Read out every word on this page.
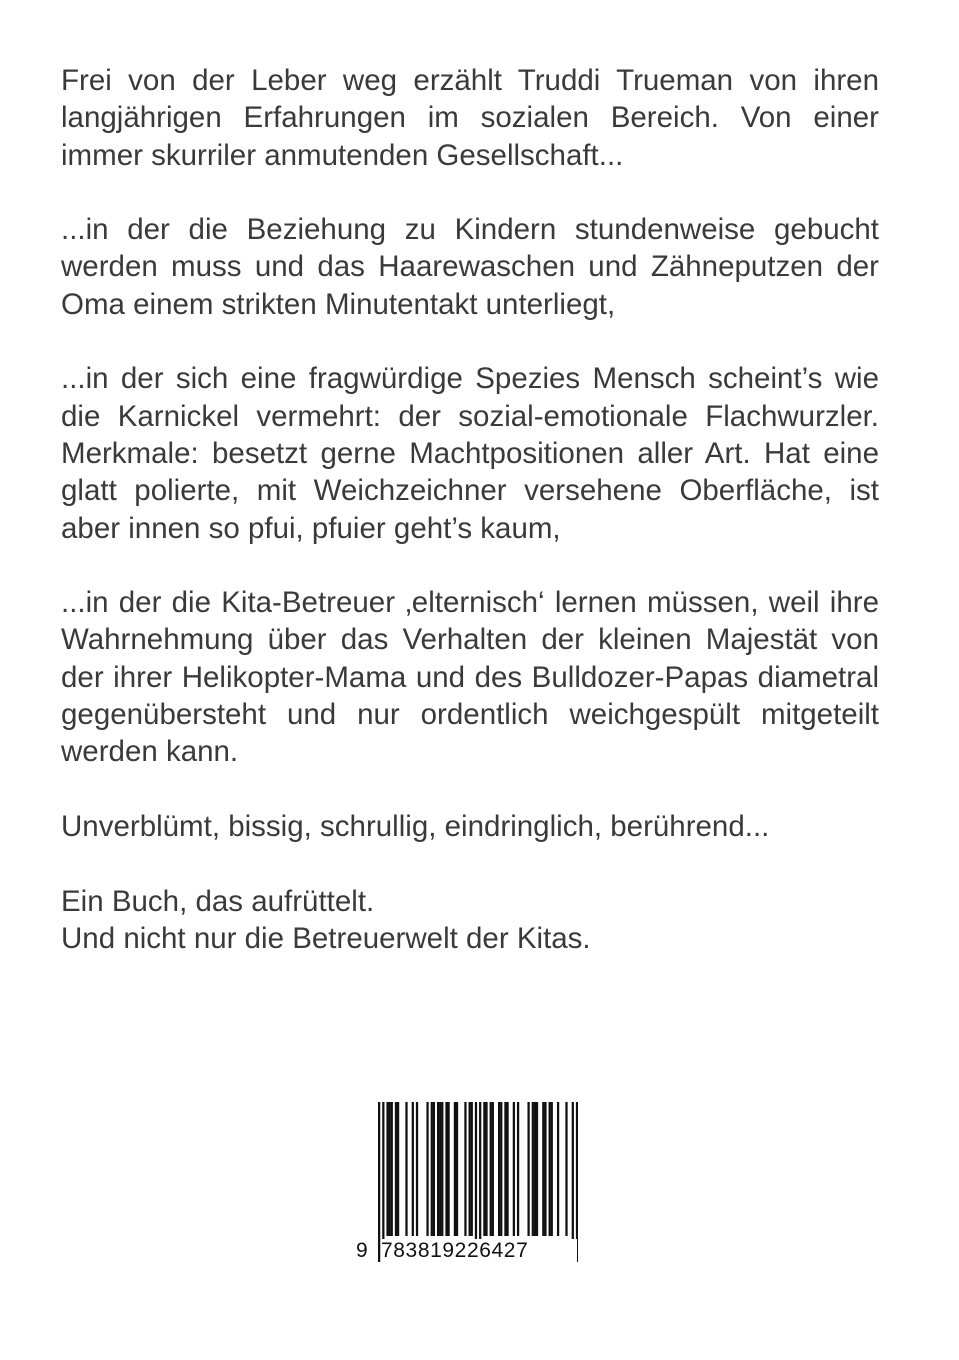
Frei von der Leber weg erzählt Truddi Trueman von ihren langjährigen Erfahrungen im sozialen Bereich. Von einer immer skurriler anmutenden Gesellschaft...

...in der die Beziehung zu Kindern stundenweise gebucht werden muss und das Haarewaschen und Zähneputzen der Oma einem strikten Minutentakt unterliegt,

...in der sich eine fragwürdige Spezies Mensch scheint’s wie die Karnickel vermehrt: der sozial-emotionale Flachwurzler. Merkmale: besetzt gerne Machtpositionen aller Art. Hat eine glatt polierte, mit Weichzeichner versehene Oberfläche, ist aber innen so pfui, pfuier geht’s kaum,

...in der die Kita-Betreuer ‚elternisch‘ lernen müssen, weil ihre Wahrnehmung über das Verhalten der kleinen Majestät von der ihrer Helikopter-Mama und des Bulldozer-Papas diametral gegenübersteht und nur ordentlich weichgespült mitgeteilt werden kann.

Unverblümt, bissig, schrullig, eindringlich, berührend...

Ein Buch, das aufrüttelt.
Und nicht nur die Betreuerwelt der Kitas.

9 783819226427
